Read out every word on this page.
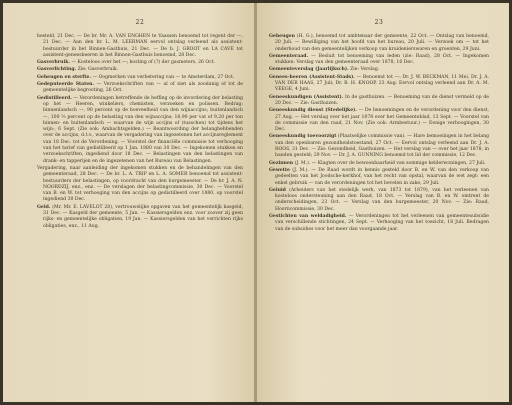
22

besteld, 21 Dec. — De br. Mr. A. VAN ENGHEN te Vaassen benoemd tot regent der —, 21 Dec. — Aan den br. L. M. LEERMAN eervol ontslag verleend als assistent-bestuurder in het Binnen-Gasthuis, 21 Dec. — De b. J. GROOT en LA CAVE tot assistent-geneesheeren in het Binnen-Gasthuis benoemd, 28 Dec.

Gasverbruik. — Kosteloos over het —; kosting of (?) der gasmeters, 26 Oct.

Gasverlichting. Zie: Gasverbruik.

Geheugen en sterfte. — Oogmerken van verbetering van — te Amsterdam, 27 Oct.

Gedeputeerde Staten. — Verzoekschriften van — al of niet als zoodanig of tot de gemeentelijke begrooting, 26 Oct.

Gedistilleerd. — Verordeningen betreffende de heffing op de invordering der belasting op het — Heeren, winkeliers, chemisten, verzoeken en polissen. Bedrag: binnenlandsch —, 90 percent op de hoeveelheid van den wijnaccijns; buitenlandsch —, 100 ⅔ percent op de belasting van den wijnaccijns; 18,90 per vat of 9,20 per ton binnen- en buitenlandsch — waarvan de wijn accijns of (tusschen) tot tijdens het wijn-, 6 Sept. (Zie ook: Ambachtsgelden.) — Beantwoording der belanghebbenden over de accijns, d.t.v., waarvan de vergadering van ingezetenen het accijnsreglement van 18 Dec. tot de Verordening. — Voorstel der financiële commissie tot verhooging van het tarief van gedistilleerd op 1 Jan. 1880 van 30 Dec. — Ingekomen stukken en verzoekschriften, ingediend door 18 Dec. — Belastingen van den belastingen van drank- en tapperijen en de ingezetenen van het Bureau van Belastingen.

Vergadering, naar aanleiding der ingekomen stukken en de behandelingen van den gemeenteraad, 28 Dec. — De br. L. A. TRIP en L. A. SOMER benoemd tot assistent-bestuurders der belastingen, op voordracht van den burgemeester. — De br. J. A. N. NOORDZIJ, enz., enz. — De verslagen der belastingcommissie, 30 Dec. — Voorstel van B. en W. tot verhooging van den accijns op gedistilleerd over 1880, op voorstel ingediend 30 Dec.

Geld. (Mr. Mr. E. LAVELOT 28), vertrouwelijke opgaven van het gemeentelijk kasgeld, 31 Dec. — Kasgeld der gemeente, 5 Jan. — Kassiersgelden enz. voor zoover zij geen rijks- en gemeentelijke obligatien, 19 Jan. — Kassiersgelden van het verrichten rijks obligaties, enz., 11 Aug.

23

Geheugen (H. G.), benoemd tot ambtenaar der gemeente, 22 Oct. — Ontslag van benoemd, 20 Juli. — Bewilliging van het hoofd van het bureau, 20 Juli. — Verzoek om — tot het onderhoud van den gemeentelijken verkoop van kruidenierswaren en groenten, 29 Juni.

Gemeenteraad. — Besluit tot benoeming van leden (zie: Raad), 28 Oct. — Ingekomen stukken: Verslag van den gemeenteraad over 1878, 16 Dec.

Gemeenteverslag (Jaarlijksch). Zie: Verslag.

Genees-heeren (Assistent-Stads). — Benoemd tot —: Dr. J. W. BECKMAN, 11 Mei, Dr. J. A. VAN DER HAAS, 27 Juli; Dr. B. H. KNOOP, 23 Aug. Eervol ontslag verleend aan Dr. A. M. VEEGE, 4 Juni.

Geneeskundigen (Assistent). In de gasthuizen. — Benoeming van de dienst vermeld op de 20 Dec. — Zie: Gasthuizen.

Geneeskundig dienst (Stedelijke). — De benoemingen en de verordening voor den dienst, 27 Aug. — Het verslag over het jaar 1878 over het Gemeenteblad, 13 Sept. — Voorstel van de commissie van den raad, 21 Nov. (Zie ook: Armbestuur.) — Eenige verhoogingen, 30 Dec.

Geneeskundig toevoorzigt (Plaatselijke commissie van). — Hare bemoeiingen in het belang van den openbaren gezondheidstoestand, 27 Oct. — Eervol ontslag verleend aan Dr. J. A. ROOS, 31 Dec. — Zie: Gezondheid, Gasthuizen. — Het verslag van — over het jaar 1878, in handen gesteld; 29 Nov. — Dr. J. A. GUNNING benoemd tot lid der commissie, 12 Dec.

Gezinnen (J. M.). — Klagten over de bewoonbaarheid van sommige kelderwoningen, 27 Juli.

Gewette (J. M.). — De Raad wordt in kennis gesteld door B. en W. van den verkoop van gedeelten van het Joodsche-kerkhof, van het recht van opstal, waarvan de wet zegt: een enkel gebruik — van de verordeningen tot het bevelen in zake, 29 Juli.

Geluid (Arbeiders van het stedelijk werk, van 1873 tot 1879), van het verleenen van kosteloos ondersteuning aan den Raad, 18 Oct. — Verslag van B. en W. omtrent de onderscheidingen, 23 Oct. — Verslag van den burgemeester, 20 Nov. — Zie: Raad, Hoorncommissie, 30 Dec.

Gestichten van weldadigheid. — Verordeningen tot het verleenen van gemeentesubsidie van verschillende stichtingen, 24 Sept. — Verhooging van het toezicht, 18 Juli. Bedragen van de subsidies voor het meer dan voorgaande jaar.
